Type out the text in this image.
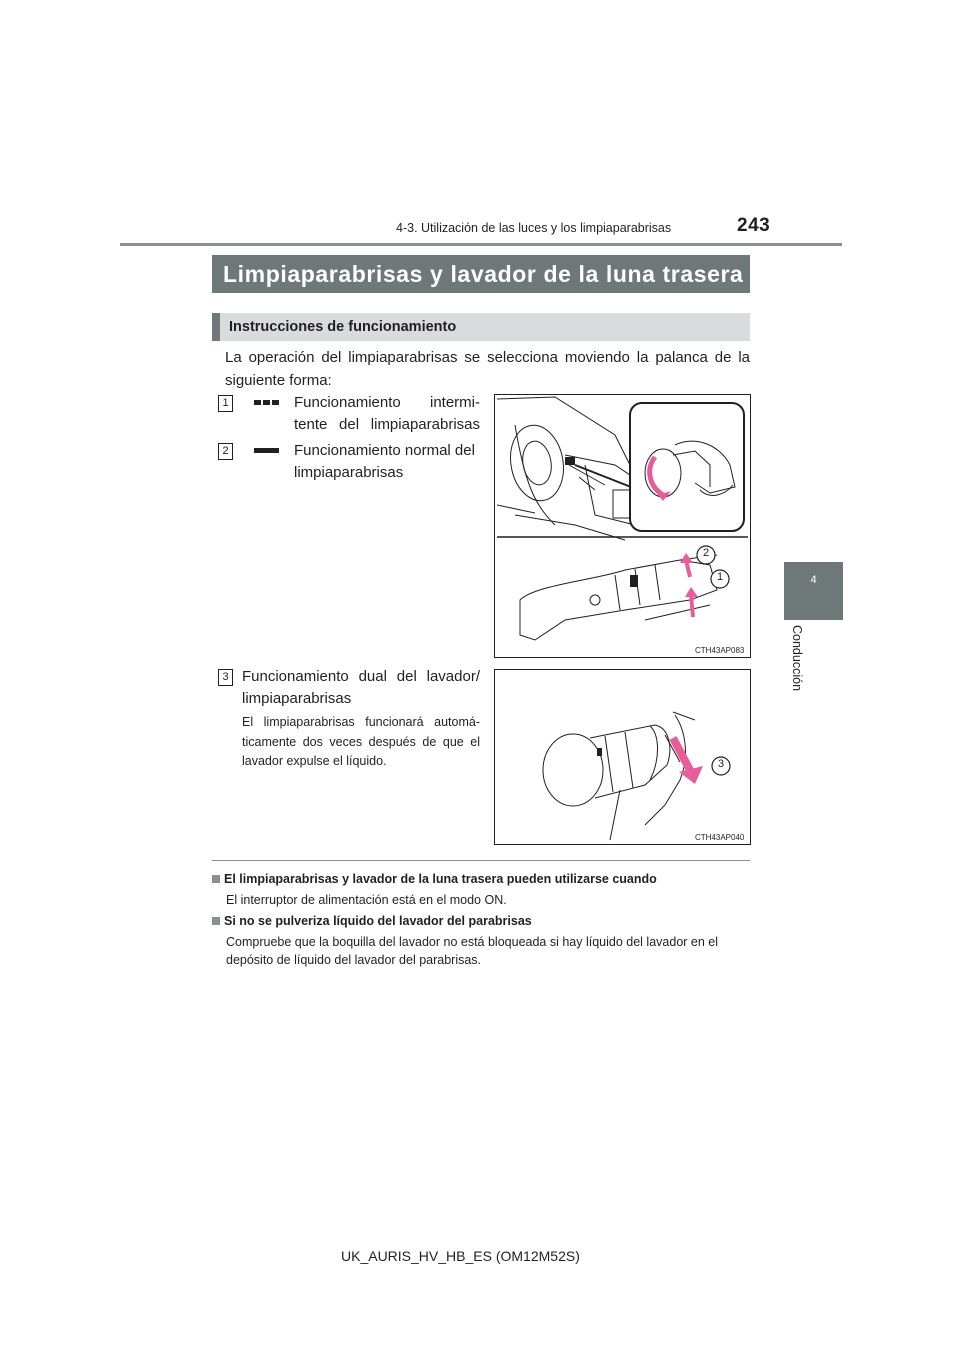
4-3. Utilización de las luces y los limpiaparabrisas	243
4
Conducción
Limpiaparabrisas y lavador de la luna trasera
Instrucciones de funcionamiento
La operación del limpiaparabrisas se selecciona moviendo la palanca de la siguiente forma:
1	Funcionamiento intermi-tente del limpiaparabrisas
2	Funcionamiento normal del limpiaparabrisas
2
1
CTH43AP083
3 Funcionamiento dual del lavador/ limpiaparabrisas
El limpiaparabrisas funcionará automá-ticamente dos veces después de que el lavador expulse el líquido.	3
CTH43AP040
El limpiaparabrisas y lavador de la luna trasera pueden utilizarse cuando
El interruptor de alimentación está en el modo ON.
Si no se pulveriza líquido del lavador del parabrisas
Compruebe que la boquilla del lavador no está bloqueada si hay líquido del lavador en el depósito de líquido del lavador del parabrisas.
UK_AURIS_HV_HB_ES (OM12M52S)
